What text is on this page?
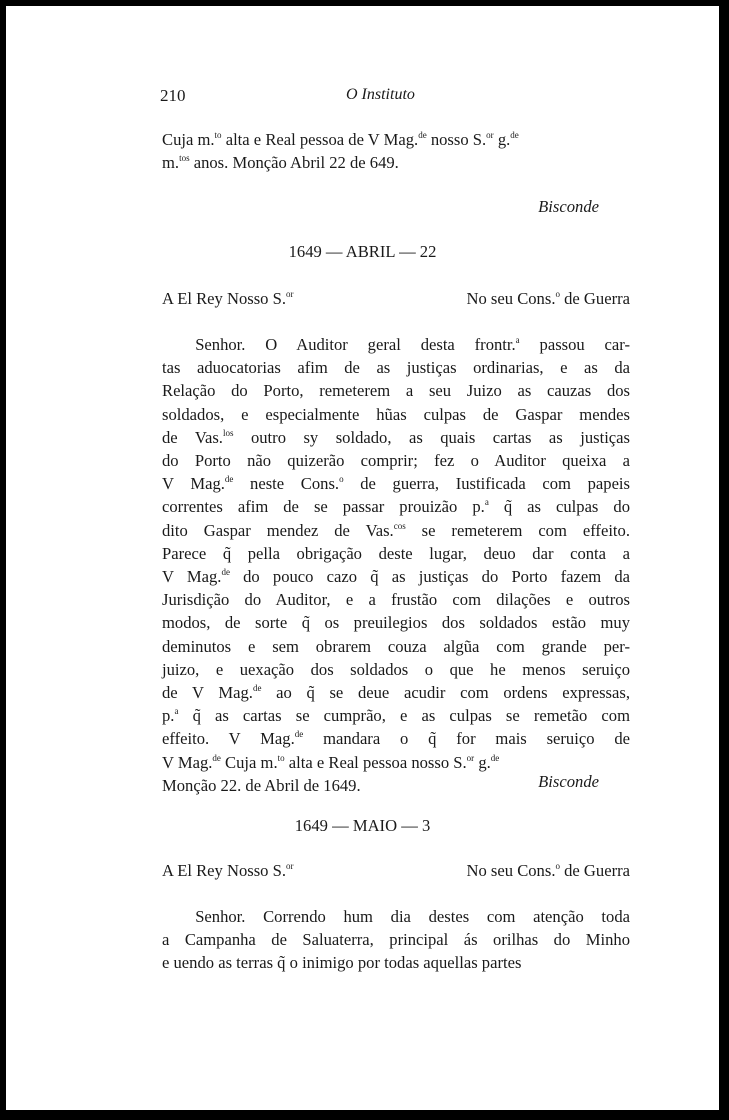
210	O Instituto
Cuja m.$^{to}$ alta e Real pessoa de V Mag.$^{de}$ nosso S.$^{or}$ g.$^{de}$
m.$^{tos}$ anos. Monção Abril 22 de 649.
Bisconde
1649 — ABRIL — 22
A El Rey Nosso S.$^{or}$	No seu Cons.$^o$ de Guerra
  Senhor. O Auditor geral desta frontr.$^a$ passou car-
tas aduocatorias afim de as justiças ordinarias, e as da
Relação do Porto, remeterem a seu Juizo as cauzas dos
soldados, e especialmente hũas culpas de Gaspar mendes
de Vas.$^{los}$ outro sy soldado, as quais cartas as justiças
do Porto não quizerão comprir; fez o Auditor queixa a
V Mag.$^{de}$ neste Cons.$^o$ de guerra, Iustificada com papeis
correntes afim de se passar prouizão p.$^a$ q̃ as culpas do
dito Gaspar mendez de Vas.$^{cos}$ se remeterem com effeito.
Parece q̃ pella obrigação deste lugar, deuo dar conta a
V Mag.$^{de}$ do pouco cazo q̃ as justiças do Porto fazem da
Jurisdição do Auditor, e a frustão com dilações e outros
modos, de sorte q̃ os preuilegios dos soldados estão muy
deminutos e sem obrarem couza algũa com grande per-
juizo, e uexação dos soldados o que he menos seruiço
de V Mag.$^{de}$ ao q̃ se deue acudir com ordens expressas,
p.$^a$ q̃ as cartas se cumprão, e as culpas se remetão com
effeito. V Mag.$^{de}$ mandara o q̃ for mais seruiço de
V Mag.$^{de}$ Cuja m.$^{to}$ alta e Real pessoa nosso S.$^{or}$ g.$^{de}$
Monção 22. de Abril de 1649.	Bisconde
1649 — MAIO — 3
A El Rey Nosso S.$^{or}$	No seu Cons.$^o$ de Guerra
  Senhor. Correndo hum dia destes com atenção toda
a Campanha de Saluaterra, principal ás orilhas do Minho
e uendo as terras q̃ o inimigo por todas aquellas partes
